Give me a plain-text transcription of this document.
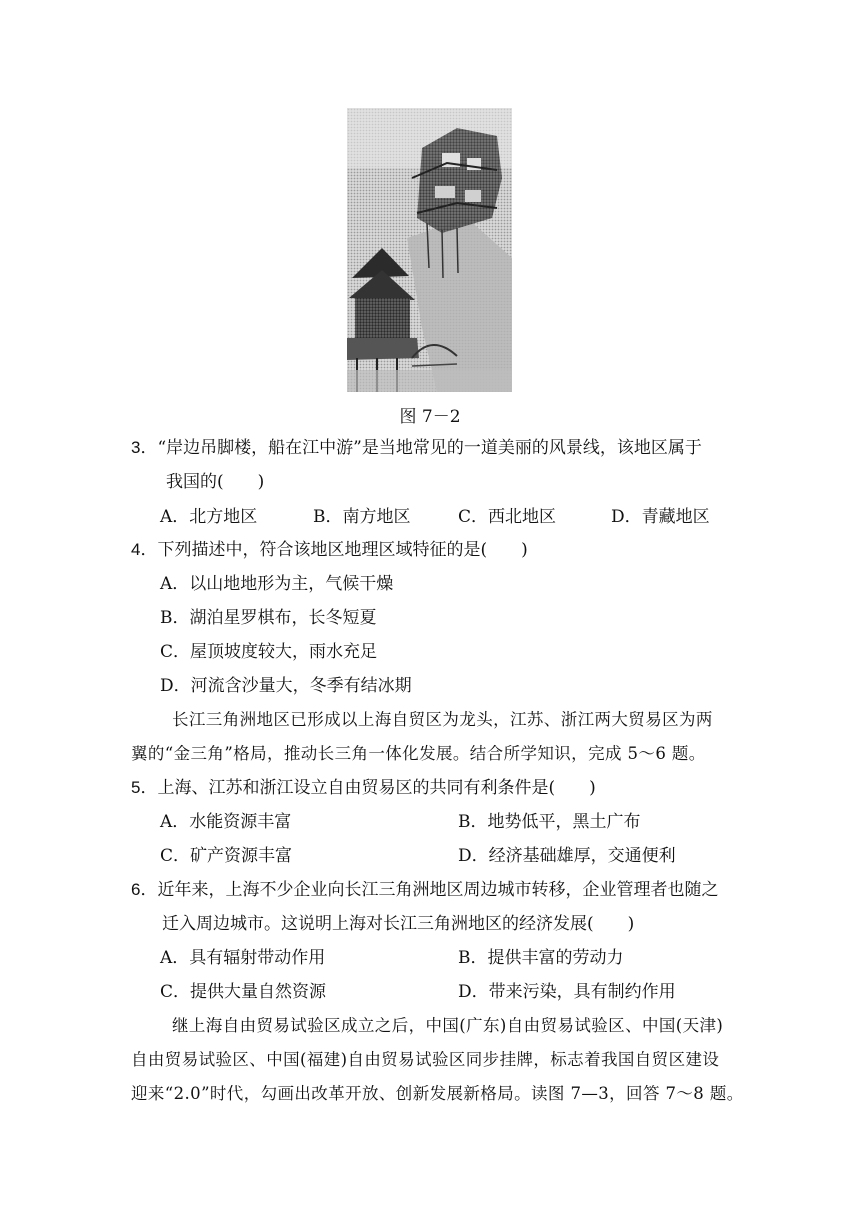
图 7－2
3．“岸边吊脚楼，船在江中游”是当地常见的一道美丽的风景线，该地区属于
我国的(　　)
A．北方地区	B．南方地区	C．西北地区	D．青藏地区
4．下列描述中，符合该地区地理区域特征的是(　　)
A．以山地地形为主，气候干燥
B．湖泊星罗棋布，长冬短夏
C．屋顶坡度较大，雨水充足
D．河流含沙量大，冬季有结冰期
长江三角洲地区已形成以上海自贸区为龙头，江苏、浙江两大贸易区为两
翼的“金三角”格局，推动长三角一体化发展。结合所学知识，完成 5～6 题。
5．上海、江苏和浙江设立自由贸易区的共同有利条件是(　　)
A．水能资源丰富	B．地势低平，黑土广布
C．矿产资源丰富	D．经济基础雄厚，交通便利
6．近年来，上海不少企业向长江三角洲地区周边城市转移，企业管理者也随之
迁入周边城市。这说明上海对长江三角洲地区的经济发展(　　)
A．具有辐射带动作用	B．提供丰富的劳动力
C．提供大量自然资源	D．带来污染，具有制约作用
继上海自由贸易试验区成立之后，中国(广东)自由贸易试验区、中国(天津)
自由贸易试验区、中国(福建)自由贸易试验区同步挂牌，标志着我国自贸区建设
迎来“2.0”时代，勾画出改革开放、创新发展新格局。读图 7—3，回答 7～8 题。
